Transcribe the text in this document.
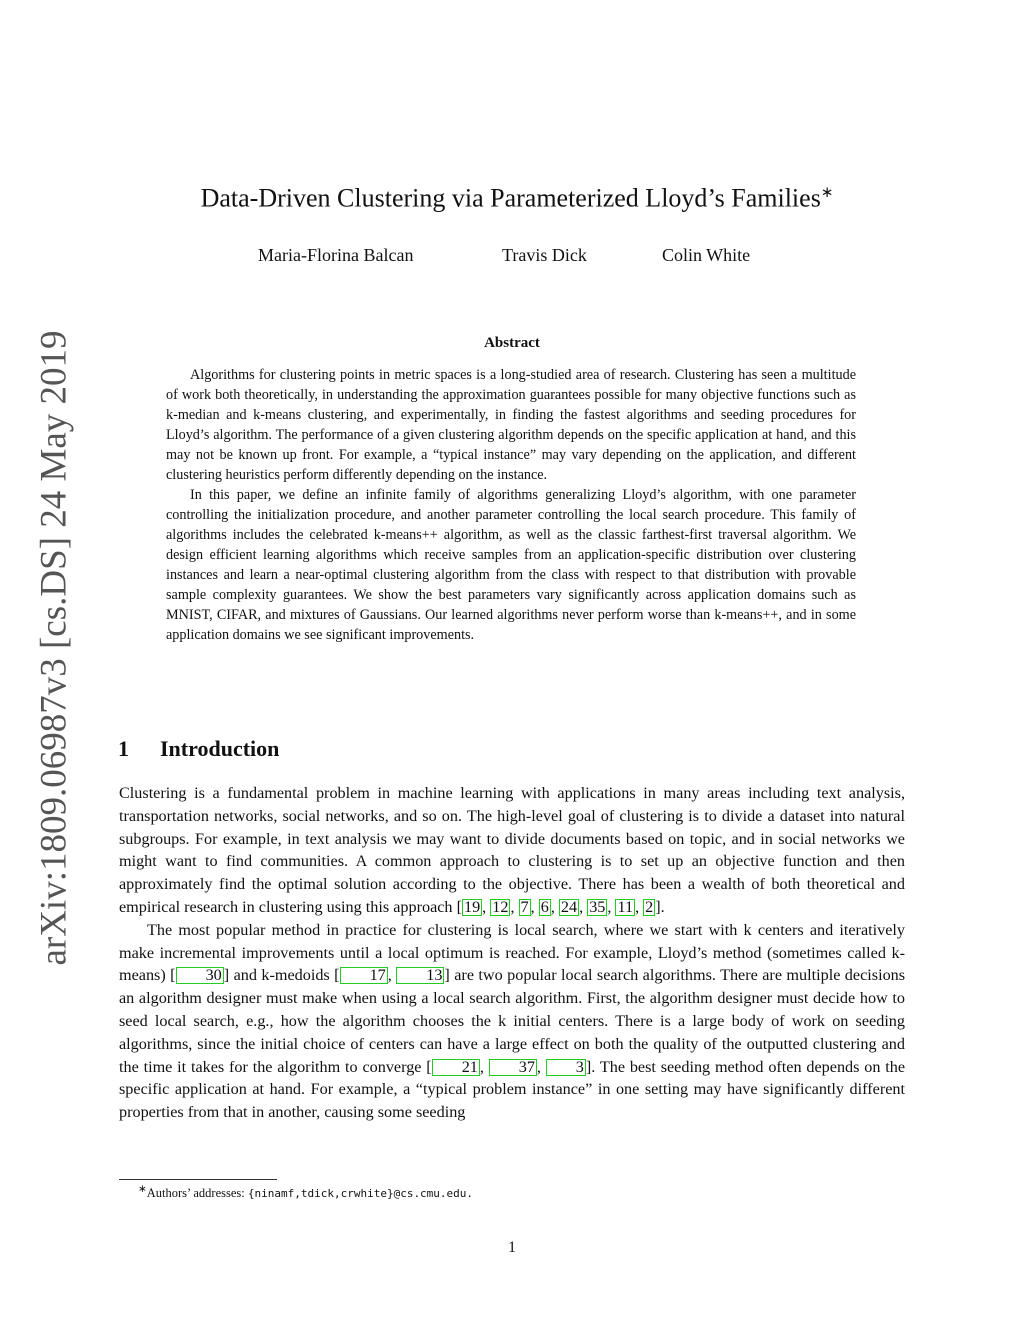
arXiv:1809.06987v3 [cs.DS] 24 May 2019
Data-Driven Clustering via Parameterized Lloyd’s Families∗
Maria-Florina Balcan	Travis Dick	Colin White
Abstract

Algorithms for clustering points in metric spaces is a long-studied area of research. Clustering has seen a multitude of work both theoretically, in understanding the approximation guarantees possible for many objective functions such as k-median and k-means clustering, and experimentally, in finding the fastest algorithms and seeding procedures for Lloyd’s algorithm. The performance of a given clustering algorithm depends on the specific application at hand, and this may not be known up front. For example, a “typical instance” may vary depending on the application, and different clustering heuristics perform differently depending on the instance.

In this paper, we define an infinite family of algorithms generalizing Lloyd’s algorithm, with one parameter controlling the initialization procedure, and another parameter controlling the local search procedure. This family of algorithms includes the celebrated k-means++ algorithm, as well as the classic farthest-first traversal algorithm. We design efficient learning algorithms which receive samples from an application-specific distribution over clustering instances and learn a near-optimal clustering algorithm from the class with respect to that distribution with provable sample complexity guarantees. We show the best parameters vary significantly across application domains such as MNIST, CIFAR, and mixtures of Gaussians. Our learned algorithms never perform worse than k-means++, and in some application domains we see significant improvements.

1 Introduction

Clustering is a fundamental problem in machine learning with applications in many areas including text analysis, transportation networks, social networks, and so on. The high-level goal of clustering is to divide a dataset into natural subgroups. For example, in text analysis we may want to divide documents based on topic, and in social networks we might want to find communities. A common approach to clustering is to set up an objective function and then approximately find the optimal solution according to the objective. There has been a wealth of both theoretical and empirical research in clustering using this approach [ 19 , 12 , 7 , 6 , 24 , 35 , 11 , 2 ].

The most popular method in practice for clustering is local search, where we start with k centers and iteratively make incremental improvements until a local optimum is reached. For example, Lloyd’s method (sometimes called k-means) [ 30 ] and k-medoids [ 17 , 13 ] are two popular local search algorithms. There are multiple decisions an algorithm designer must make when using a local search algorithm. First, the algorithm designer must decide how to seed local search, e.g., how the algorithm chooses the k initial centers. There is a large body of work on seeding algorithms, since the initial choice of centers can have a large effect on both the quality of the outputted clustering and the time it takes for the algorithm to converge [ 21 , 37 , 3 ]. The best seeding method often depends on the specific application at hand. For example, a “typical problem instance” in one setting may have significantly different properties from that in another, causing some seeding

∗Authors’ addresses: {ninamf,tdick,crwhite}@cs.cmu.edu.
1
